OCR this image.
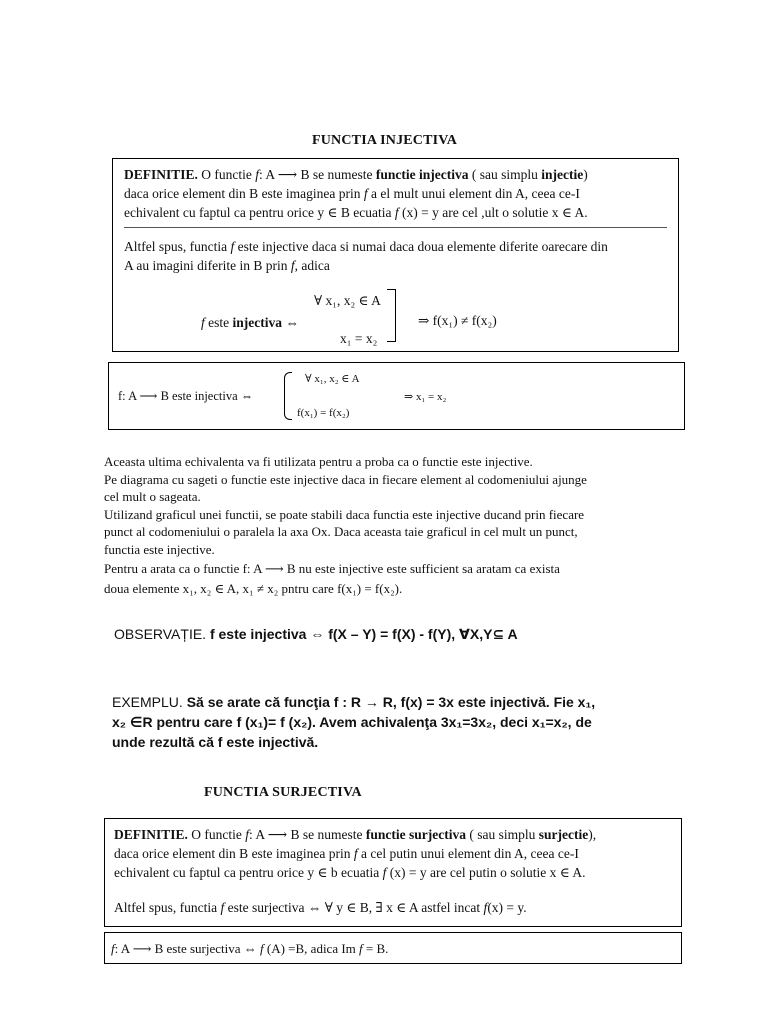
FUNCTIA INJECTIVA

DEFINITIE. O functie f: A ⟶ B se numeste functie injectiva ( sau simplu injectie)

daca orice element din B este imaginea prin f a el mult unui element din A, ceea ce-I

echivalent cu faptul ca pentru orice y ∈ B ecuatia f (x) = y are cel ,ult o solutie x ∈ A.

Altfel spus, functia f este injective daca si numai daca doua elemente diferite oarecare din

A au imagini diferite in B prin f, adica

∀ x₁, x₂ ∈ A

f este injectiva ⇔

x₁ = x₂
⇒ f(x₁) ≠ f(x₂)
f: A ⟶ B este injectiva ⇔
∀ x₁, x₂ ∈ A
f(x₁) = f(x₂)
⇒ x₁ = x₂
Aceasta ultima echivalenta va fi utilizata pentru a proba ca o functie este injective.
Pe diagrama cu sageti o functie este injective daca in fiecare element al codomeniului ajunge
cel mult o sageata.
Utilizand graficul unei functii, se poate stabili daca functia este injective ducand prin fiecare
punct al codomeniului o paralela la axa Ox. Daca aceasta taie graficul in cel mult un punct,
functia este injective.
Pentru a arata ca o functie f: A ⟶ B nu este injective este sufficient sa aratam ca exista
doua elemente x₁, x₂ ∈ A, x₁ ≠ x₂ pntru care f(x₁) = f(x₂).
OBSERVAȚIE. f este injectiva ⇔ f(X – Y) = f(X) - f(Y), ∀X,Y⊆ A
EXEMPLU. Să se arate că funcţia f : R → R, f(x) = 3x este injectivă. Fie x₁,
x₂ ∈R pentru care f (x₁)= f (x₂). Avem achivalenţa 3x₁=3x₂, deci x₁=x₂, de
unde rezultă că f este injectivă.
FUNCTIA SURJECTIVA

DEFINITIE. O functie f: A ⟶ B se numeste functie surjectiva ( sau simplu surjectie),

daca orice element din B este imaginea prin f a cel putin unui element din A, ceea ce-I

echivalent cu faptul ca pentru orice y ∈ b ecuatia f (x) = y are cel putin o solutie x ∈ A.

Altfel spus, functia f este surjectiva ⇔ ∀ y ∈ B, ∃ x ∈ A astfel incat f(x) = y.

f: A ⟶ B este surjectiva ⇔ f (A) =B, adica Im f = B.
